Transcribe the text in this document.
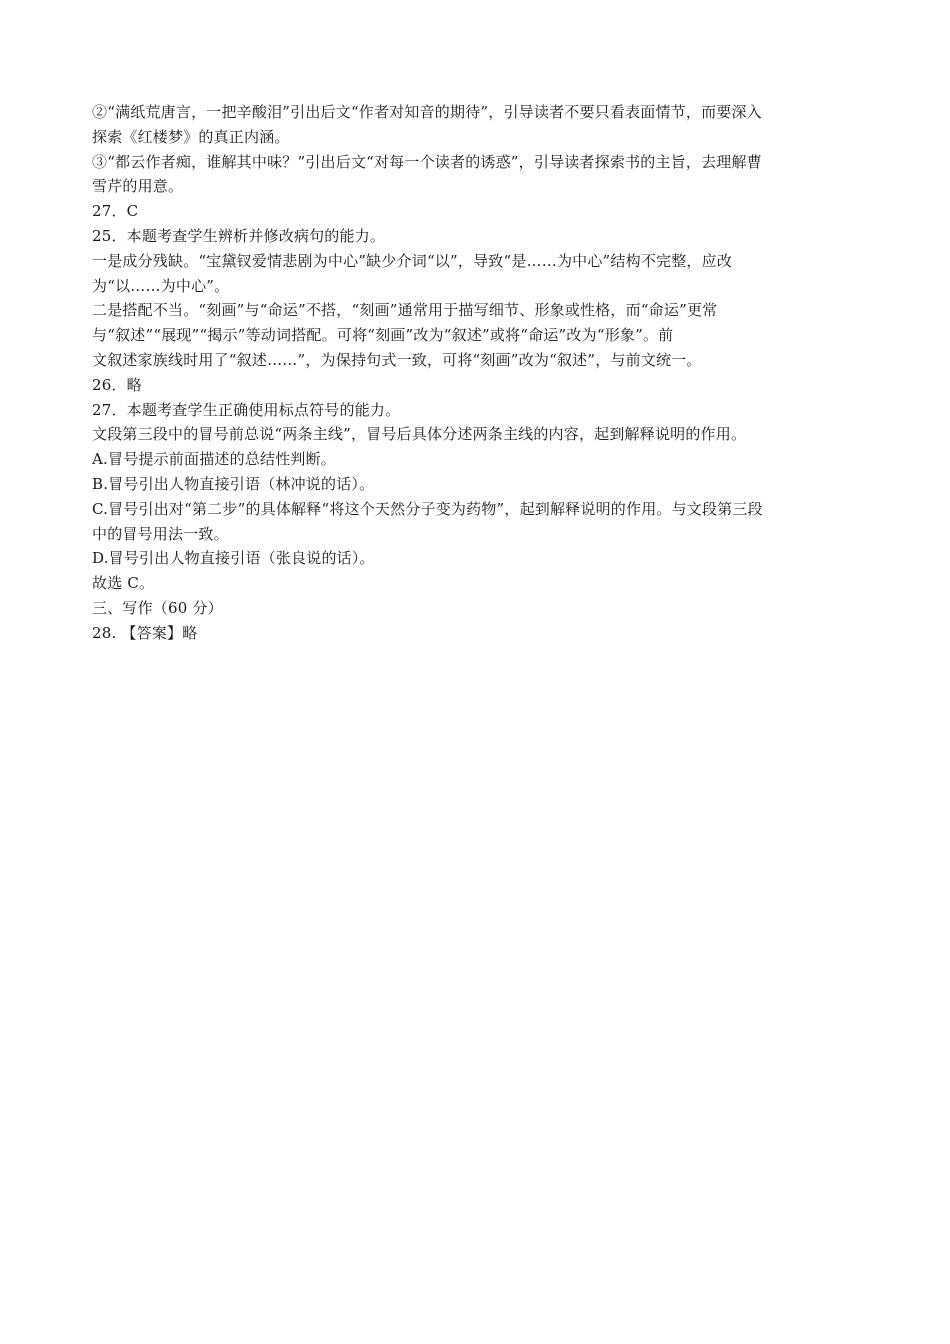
②“满纸荒唐言，一把辛酸泪”引出后文“作者对知音的期待”，引导读者不要只看表面情节，而要深入
探索《红楼梦》的真正内涵。
③“都云作者痴，谁解其中味？”引出后文“对每一个读者的诱惑”，引导读者探索书的主旨，去理解曹
雪芹的用意。
27．C
25．本题考查学生辨析并修改病句的能力。
一是成分残缺。“宝黛钗爱情悲剧为中心”缺少介词“以”，导致“是……为中心”结构不完整，应改
为“以……为中心”。
二是搭配不当。“刻画”与“命运”不搭，“刻画”通常用于描写细节、形象或性格，而“命运”更常
与“叙述”“展现”“揭示”等动词搭配。可将“刻画”改为“叙述”或将“命运”改为“形象”。前
文叙述家族线时用了“叙述……”，为保持句式一致，可将“刻画”改为“叙述”，与前文统一。
26．略
27．本题考查学生正确使用标点符号的能力。
文段第三段中的冒号前总说“两条主线”，冒号后具体分述两条主线的内容，起到解释说明的作用。
A.冒号提示前面描述的总结性判断。
B.冒号引出人物直接引语（林冲说的话）。
C.冒号引出对“第二步”的具体解释“将这个天然分子变为药物”，起到解释说明的作用。与文段第三段
中的冒号用法一致。
D.冒号引出人物直接引语（张良说的话）。
故选 C。
三、写作（60 分）
28. 【答案】略
